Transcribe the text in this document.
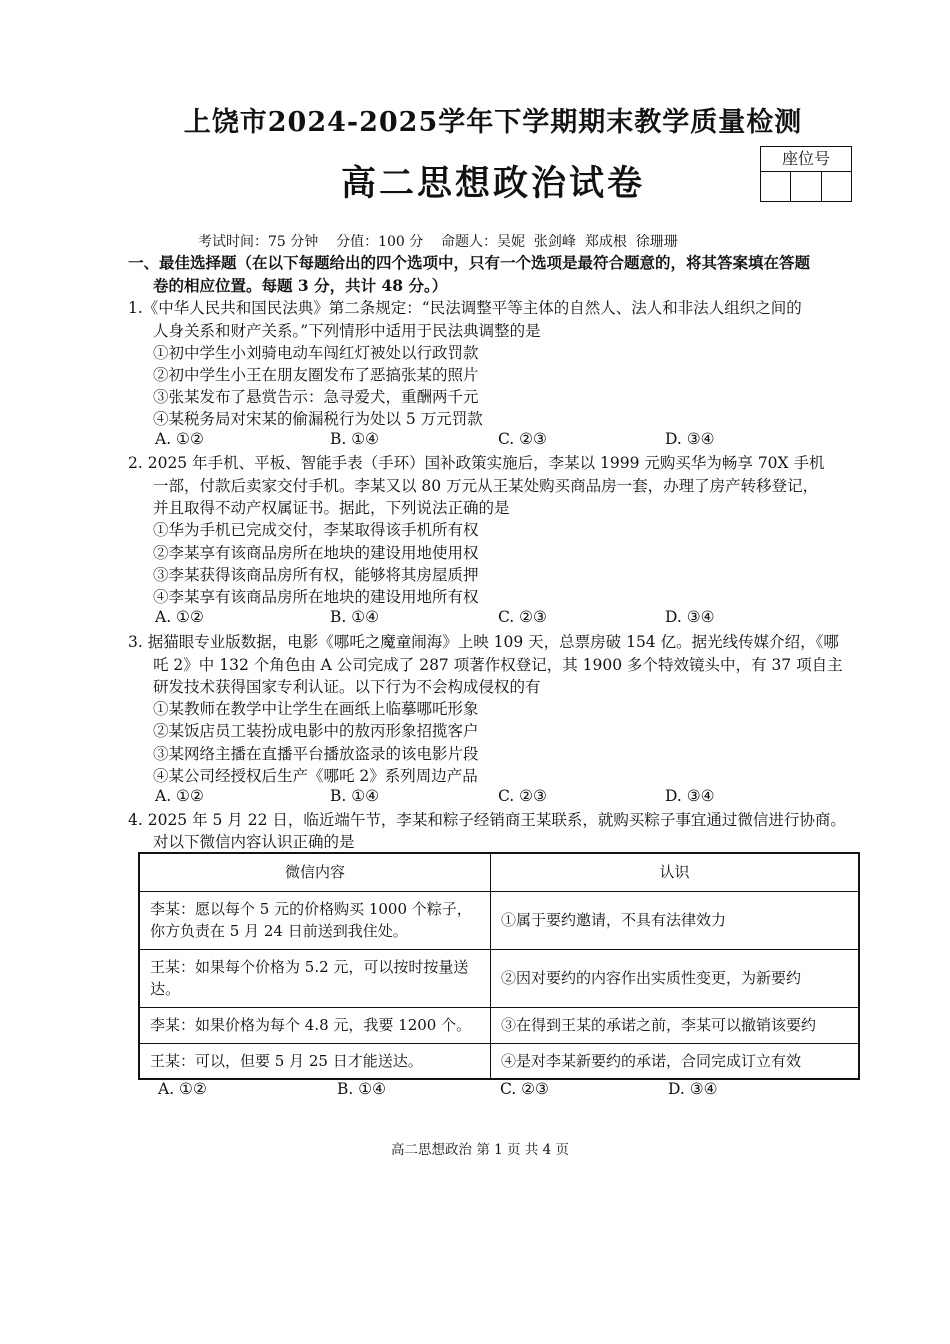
上饶市2024-2025学年下学期期末教学质量检测
高二思想政治试卷
座位号
考试时间：75 分钟    分值：100 分    命题人：吴妮  张剑峰  郑成根  徐珊珊
一、最佳选择题（在以下每题给出的四个选项中，只有一个选项是最符合题意的，将其答案填在答题
卷的相应位置。每题 3 分，共计 48 分。）
1.《中华人民共和国民法典》第二条规定：“民法调整平等主体的自然人、法人和非法人组织之间的
人身关系和财产关系。”下列情形中适用于民法典调整的是
①初中学生小刘骑电动车闯红灯被处以行政罚款
②初中学生小王在朋友圈发布了恶搞张某的照片
③张某发布了悬赏告示：急寻爱犬，重酬两千元
④某税务局对宋某的偷漏税行为处以 5 万元罚款
A. ①②	B. ①④	C. ②③	D. ③④
2. 2025 年手机、平板、智能手表（手环）国补政策实施后，李某以 1999 元购买华为畅享 70X 手机
一部，付款后卖家交付手机。李某又以 80 万元从王某处购买商品房一套，办理了房产转移登记，
并且取得不动产权属证书。据此，下列说法正确的是
①华为手机已完成交付，李某取得该手机所有权
②李某享有该商品房所在地块的建设用地使用权
③李某获得该商品房所有权，能够将其房屋质押
④李某享有该商品房所在地块的建设用地所有权
A. ①②	B. ①④	C. ②③	D. ③④
3. 据猫眼专业版数据，电影《哪吒之魔童闹海》上映 109 天，总票房破 154 亿。据光线传媒介绍，《哪
吒 2》中 132 个角色由 A 公司完成了 287 项著作权登记，其 1900 多个特效镜头中，有 37 项自主
研发技术获得国家专利认证。以下行为不会构成侵权的有
①某教师在教学中让学生在画纸上临摹哪吒形象
②某饭店员工装扮成电影中的敖丙形象招揽客户
③某网络主播在直播平台播放盗录的该电影片段
④某公司经授权后生产《哪吒 2》系列周边产品
A. ①②	B. ①④	C. ②③	D. ③④
4. 2025 年 5 月 22 日，临近端午节，李某和粽子经销商王某联系，就购买粽子事宜通过微信进行协商。
对以下微信内容认识正确的是
微信内容	认识
李某：愿以每个 5 元的价格购买 1000 个粽子，你方负责在 5 月 24 日前送到我住处。	①属于要约邀请，不具有法律效力
王某：如果每个价格为 5.2 元，可以按时按量送达。	②因对要约的内容作出实质性变更，为新要约
李某：如果价格为每个 4.8 元，我要 1200 个。	③在得到王某的承诺之前，李某可以撤销该要约
王某：可以，但要 5 月 25 日才能送达。	④是对李某新要约的承诺，合同完成订立有效
A. ①②	B. ①④	C. ②③	D. ③④
高二思想政治 第 1 页 共 4 页
